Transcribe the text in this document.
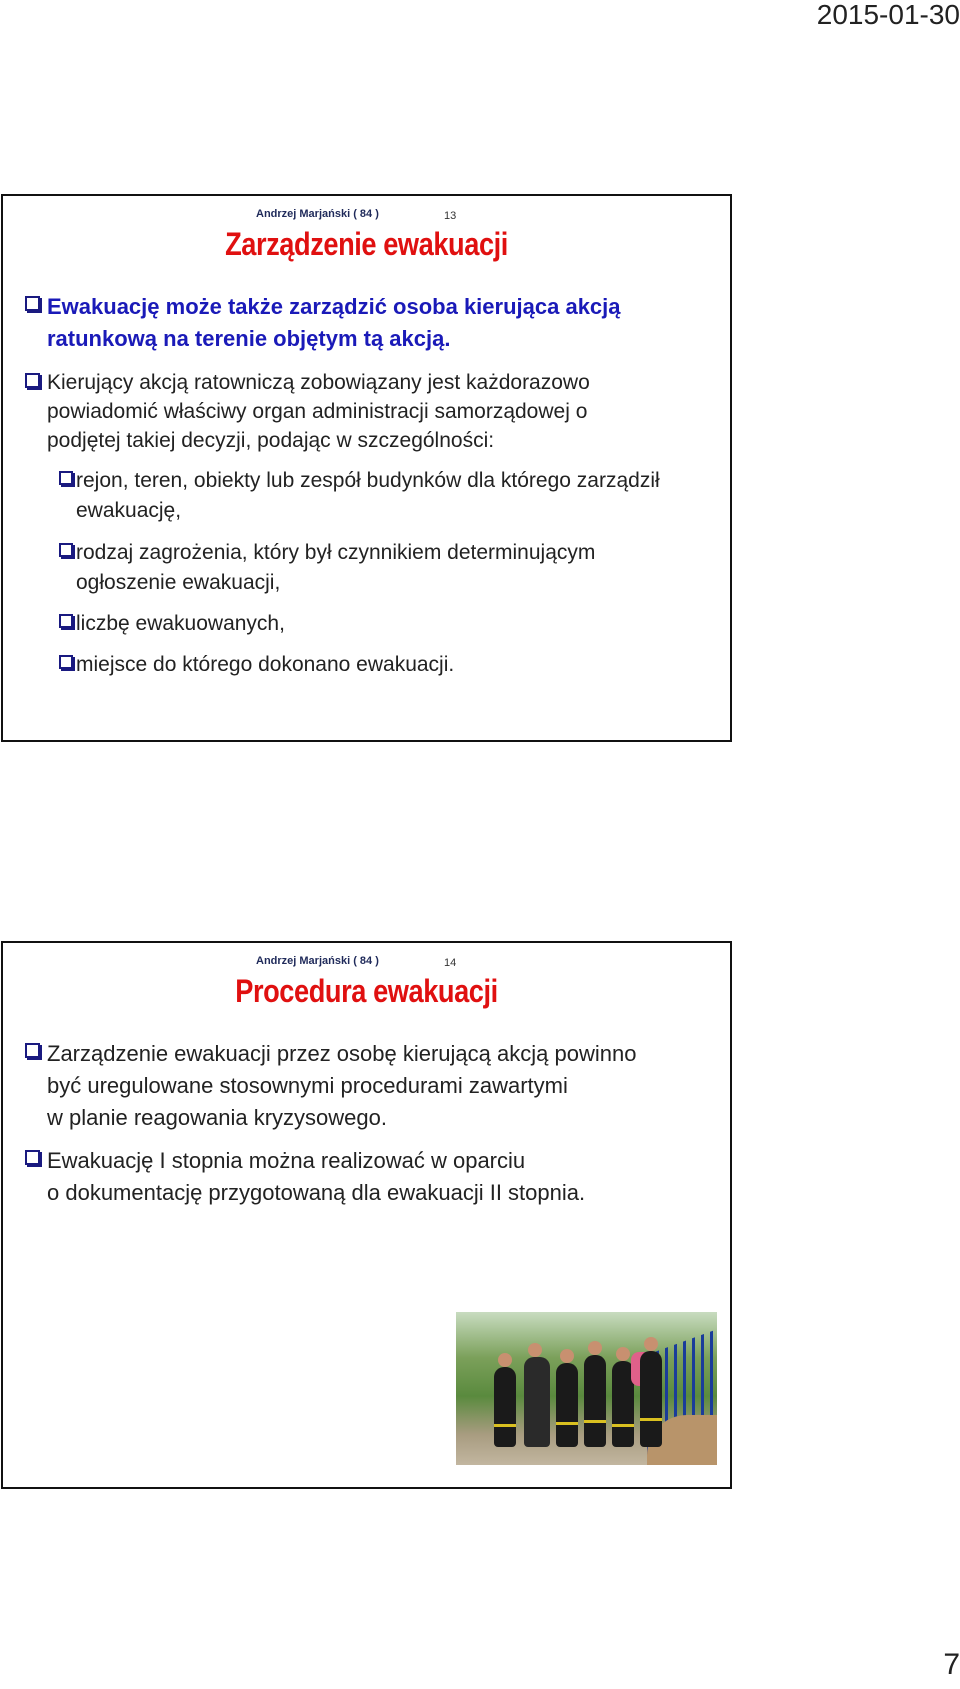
2015-01-30
Andrzej Marjański ( 84 )	13
Zarządzenie ewakuacji
Ewakuację może także zarządzić osoba kierująca akcją
ratunkową na terenie objętym tą akcją.
Kierujący akcją ratowniczą zobowiązany jest każdorazowo
powiadomić właściwy organ administracji samorządowej o
podjętej takiej decyzji, podając w szczególności:
rejon, teren, obiekty lub zespół budynków dla którego zarządził
ewakuację,
rodzaj zagrożenia, który był czynnikiem determinującym
ogłoszenie ewakuacji,
liczbę ewakuowanych,
miejsce do którego dokonano ewakuacji.
Andrzej Marjański ( 84 )	14
Procedura ewakuacji
Zarządzenie ewakuacji przez osobę kierującą akcją powinno
być uregulowane stosownymi procedurami zawartymi
w planie reagowania kryzysowego.
Ewakuację I stopnia można realizować w oparciu
o dokumentację przygotowaną dla ewakuacji II stopnia.
7
